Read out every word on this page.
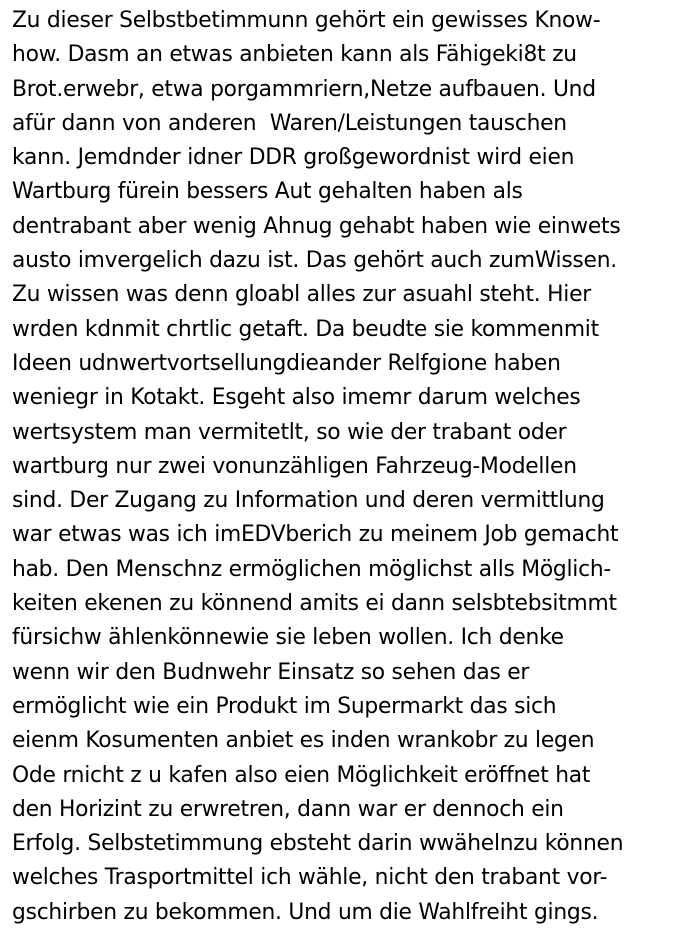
Zu dieser Selbstbetimmunn gehört ein gewisses Know-
how. Dasm an etwas anbieten kann als Fähigeki8t zu
Brot.erwebr, etwa porgammriern,Netze aufbauen. Und
afür dann von anderen  Waren/Leistungen tauschen
kann. Jemdnder idner DDR großgewordnist wird eien
Wartburg fürein bessers Aut gehalten haben als
dentrabant aber wenig Ahnug gehabt haben wie einwets
austo imvergelich dazu ist. Das gehört auch zumWissen.
Zu wissen was denn gloabl alles zur asuahl steht. Hier
wrden kdnmit chrtlic getaft. Da beudte sie kommenmit
Ideen udnwertvortsellungdieander Relfgione haben
weniegr in Kotakt. Esgeht also imemr darum welches
wertsystem man vermitetlt, so wie der trabant oder
wartburg nur zwei vonunzähligen Fahrzeug-Modellen
sind. Der Zugang zu Information und deren vermittlung
war etwas was ich imEDVberich zu meinem Job gemacht
hab. Den Menschnz ermöglichen möglichst alls Möglich-
keiten ekenen zu könnend amits ei dann selsbtebsitmmt
fürsichw ählenkönnewie sie leben wollen. Ich denke
wenn wir den Budnwehr Einsatz so sehen das er
ermöglicht wie ein Produkt im Supermarkt das sich
eienm Kosumenten anbiet es inden wrankobr zu legen
Ode rnicht z u kafen also eien Möglichkeit eröffnet hat
den Horizint zu erwretren, dann war er dennoch ein
Erfolg. Selbstetimmung ebsteht darin wwähelnzu können
welches Trasportmittel ich wähle, nicht den trabant vor-
gschirben zu bekommen. Und um die Wahlfreiht gings.
